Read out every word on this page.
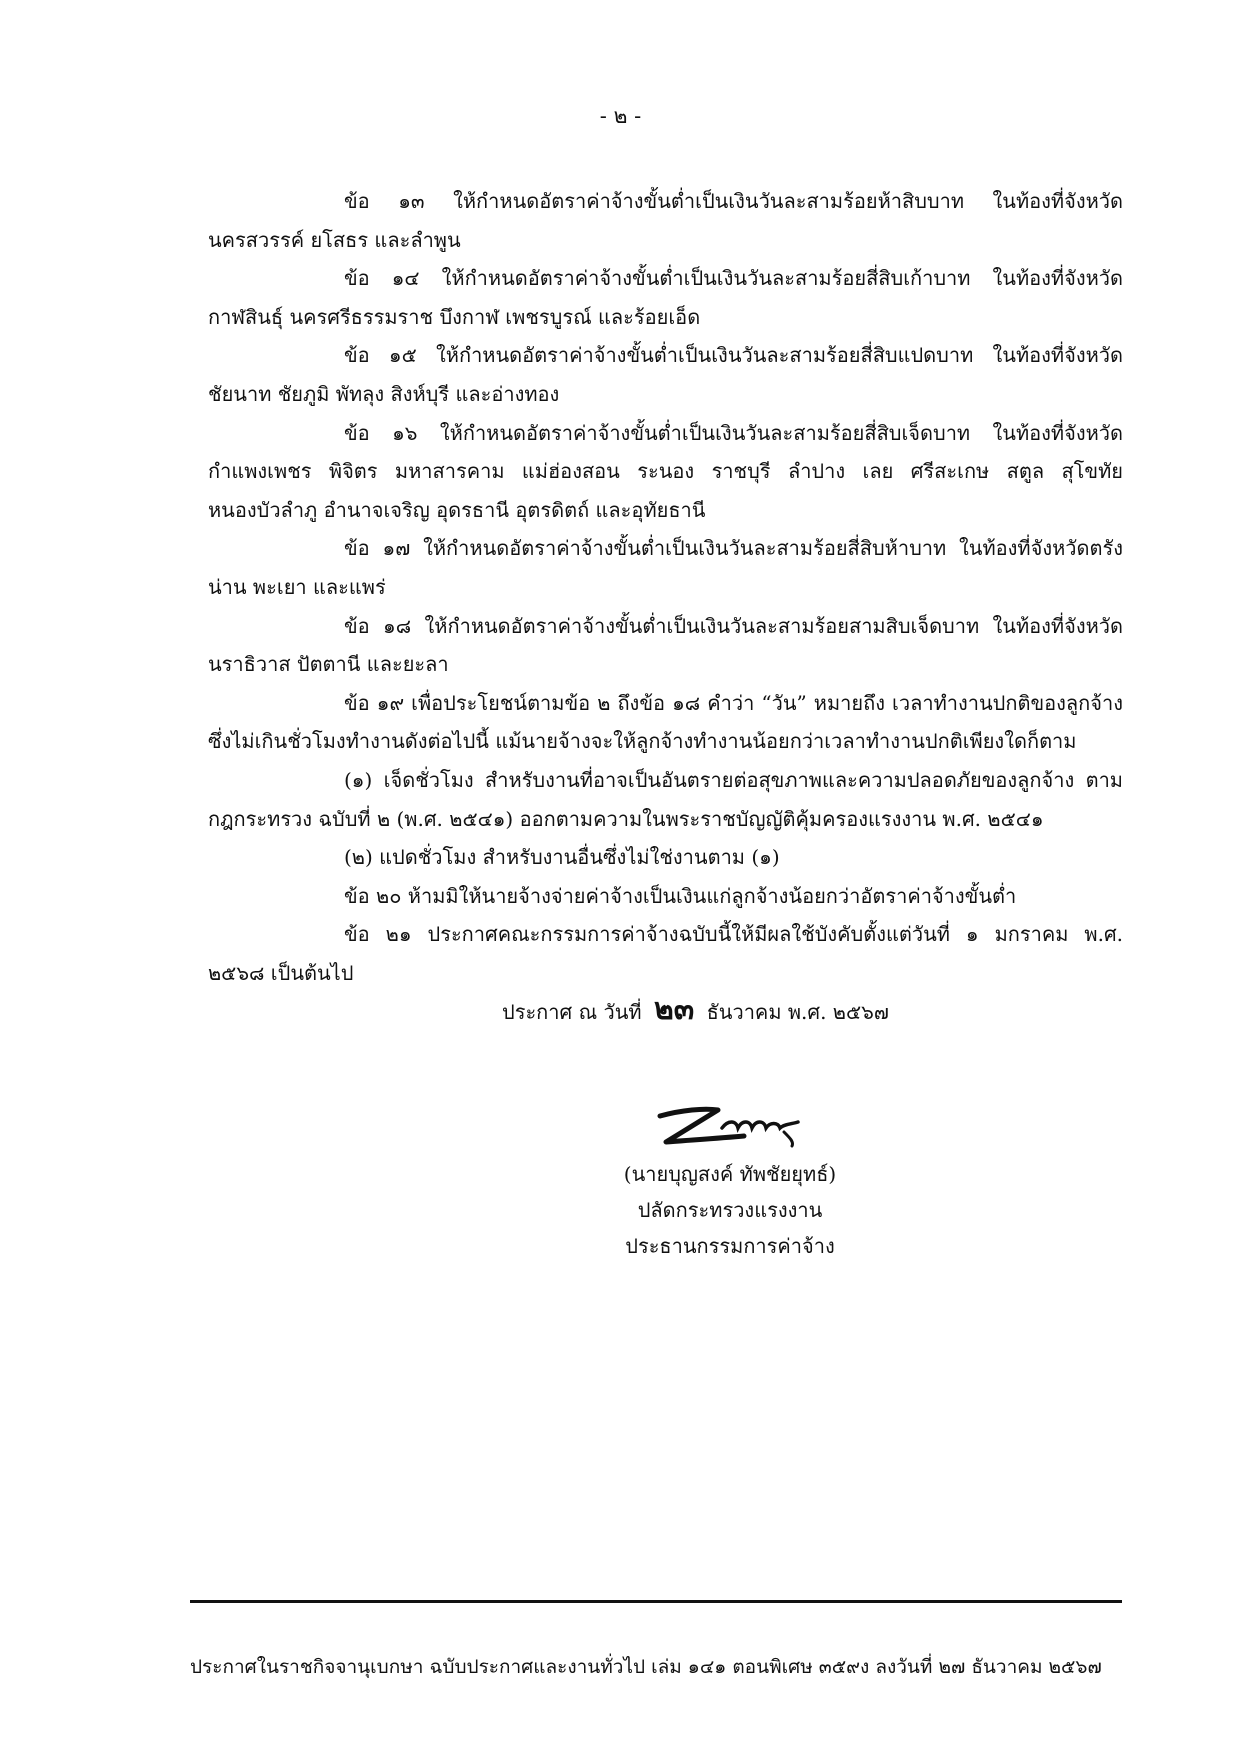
- ๒ -

ข้อ ๑๓ ให้กำหนดอัตราค่าจ้างขั้นต่ำเป็นเงินวันละสามร้อยห้าสิบบาท ในท้องที่จังหวัดนครสวรรค์ ยโสธร และลำพูน

ข้อ ๑๔ ให้กำหนดอัตราค่าจ้างขั้นต่ำเป็นเงินวันละสามร้อยสี่สิบเก้าบาท ในท้องที่จังหวัดกาฬสินธุ์ นครศรีธรรมราช บึงกาฬ เพชรบูรณ์ และร้อยเอ็ด

ข้อ ๑๕ ให้กำหนดอัตราค่าจ้างขั้นต่ำเป็นเงินวันละสามร้อยสี่สิบแปดบาท ในท้องที่จังหวัดชัยนาท ชัยภูมิ พัทลุง สิงห์บุรี และอ่างทอง

ข้อ ๑๖ ให้กำหนดอัตราค่าจ้างขั้นต่ำเป็นเงินวันละสามร้อยสี่สิบเจ็ดบาท ในท้องที่จังหวัด กำแพงเพชร พิจิตร มหาสารคาม แม่ฮ่องสอน ระนอง ราชบุรี ลำปาง เลย ศรีสะเกษ สตูล สุโขทัย หนองบัวลำภู อำนาจเจริญ อุดรธานี อุตรดิตถ์ และอุทัยธานี

ข้อ ๑๗ ให้กำหนดอัตราค่าจ้างขั้นต่ำเป็นเงินวันละสามร้อยสี่สิบห้าบาท ในท้องที่จังหวัดตรัง น่าน พะเยา และแพร่

ข้อ ๑๘ ให้กำหนดอัตราค่าจ้างขั้นต่ำเป็นเงินวันละสามร้อยสามสิบเจ็ดบาท ในท้องที่จังหวัด นราธิวาส ปัตตานี และยะลา

ข้อ ๑๙ เพื่อประโยชน์ตามข้อ ๒ ถึงข้อ ๑๘ คำว่า “วัน” หมายถึง เวลาทำงานปกติของลูกจ้าง ซึ่งไม่เกินชั่วโมงทำงานดังต่อไปนี้ แม้นายจ้างจะให้ลูกจ้างทำงานน้อยกว่าเวลาทำงานปกติเพียงใดก็ตาม

(๑) เจ็ดชั่วโมง สำหรับงานที่อาจเป็นอันตรายต่อสุขภาพและความปลอดภัยของลูกจ้าง ตามกฎกระทรวง ฉบับที่ ๒ (พ.ศ. ๒๕๔๑) ออกตามความในพระราชบัญญัติคุ้มครองแรงงาน พ.ศ. ๒๕๔๑

(๒) แปดชั่วโมง สำหรับงานอื่นซึ่งไม่ใช่งานตาม (๑)

ข้อ ๒๐ ห้ามมิให้นายจ้างจ่ายค่าจ้างเป็นเงินแก่ลูกจ้างน้อยกว่าอัตราค่าจ้างขั้นต่ำ

ข้อ ๒๑ ประกาศคณะกรรมการค่าจ้างฉบับนี้ให้มีผลใช้บังคับตั้งแต่วันที่ ๑ มกราคม พ.ศ. ๒๕๖๘ เป็นต้นไป

ประกาศ ณ วันที่ ๒๓ ธันวาคม พ.ศ. ๒๕๖๗
(นายบุญสงค์ ทัพชัยยุทธ์)
ปลัดกระทรวงแรงงาน
ประธานกรรมการค่าจ้าง
ประกาศในราชกิจจานุเบกษา ฉบับประกาศและงานทั่วไป เล่ม ๑๔๑ ตอนพิเศษ ๓๕๙ง ลงวันที่ ๒๗ ธันวาคม ๒๕๖๗
